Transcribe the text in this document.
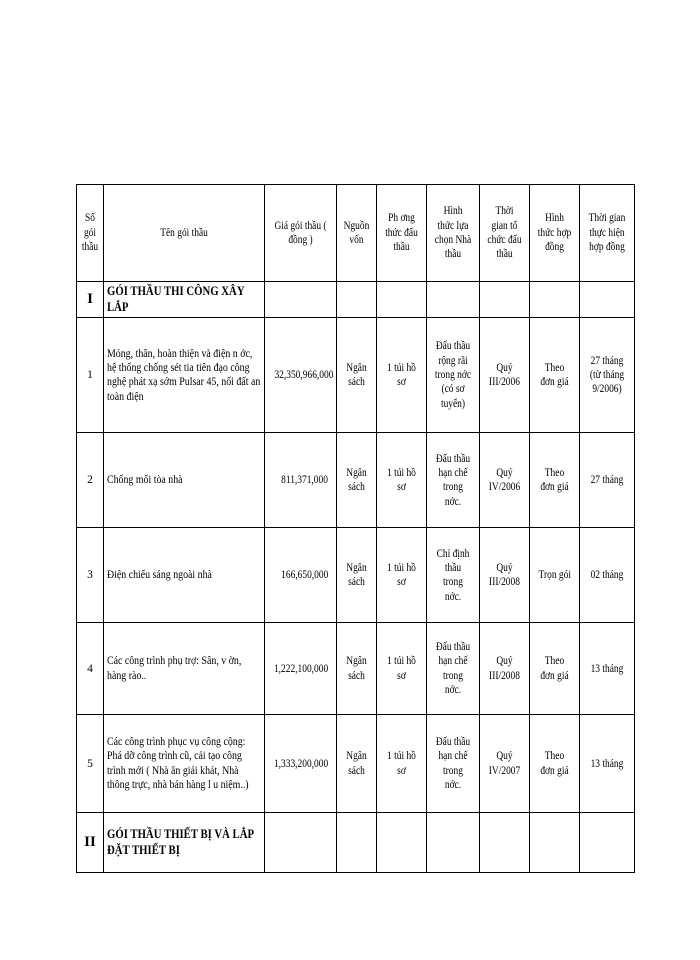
Số gói thầu	Tên gói thầu	Giá gói thầu ( đồng )	Nguồn vốn	Ph ơng thức đấu thầu	Hình thức lựa chọn Nhà thầu	Thời gian tổ chức đấu thầu	Hình thức hợp đồng	Thời gian thực hiện hợp đồng
I	GÓI THẦU THI CÔNG XÂY LẮP							
1	Móng, thân, hoàn thiện và điện n ớc, hệ thống chống sét tia tiên đạo công nghệ phát xạ sớm Pulsar 45, nối đất an toàn điện	32,350,966,000	Ngân sách	1 túi hồ sơ	Đấu thầu rộng rãi trong nớc (có sơ tuyển)	Quý III/2006	Theo đơn giá	27 tháng (từ tháng 9/2006)
2	Chống mối tòa nhà	811,371,000	Ngân sách	1 túi hồ sơ	Đấu thầu hạn chế trong nớc.	Quý IV/2006	Theo đơn giá	27 tháng
3	Điện chiếu sáng ngoài nhà	166,650,000	Ngân sách	1 túi hồ sơ	Chỉ định thầu trong nớc.	Quý III/2008	Trọn gói	02 tháng
4	Các công trình phụ trợ: Sân, v ờn, hàng rào..	1,222,100,000	Ngân sách	1 túi hồ sơ	Đấu thầu hạn chế trong nớc.	Quý III/2008	Theo đơn giá	13 tháng
5	Các công trình phục vụ công cộng: Phá dỡ công trình cũ, cải tạo công trình mới ( Nhà ăn giải khát, Nhà thông trực, nhà bán hàng l u niệm..)	1,333,200,000	Ngân sách	1 túi hồ sơ	Đấu thầu hạn chế trong nớc.	Quý IV/2007	Theo đơn giá	13 tháng
II	GÓI THẦU THIẾT BỊ VÀ LẮP ĐẶT THIẾT BỊ							
